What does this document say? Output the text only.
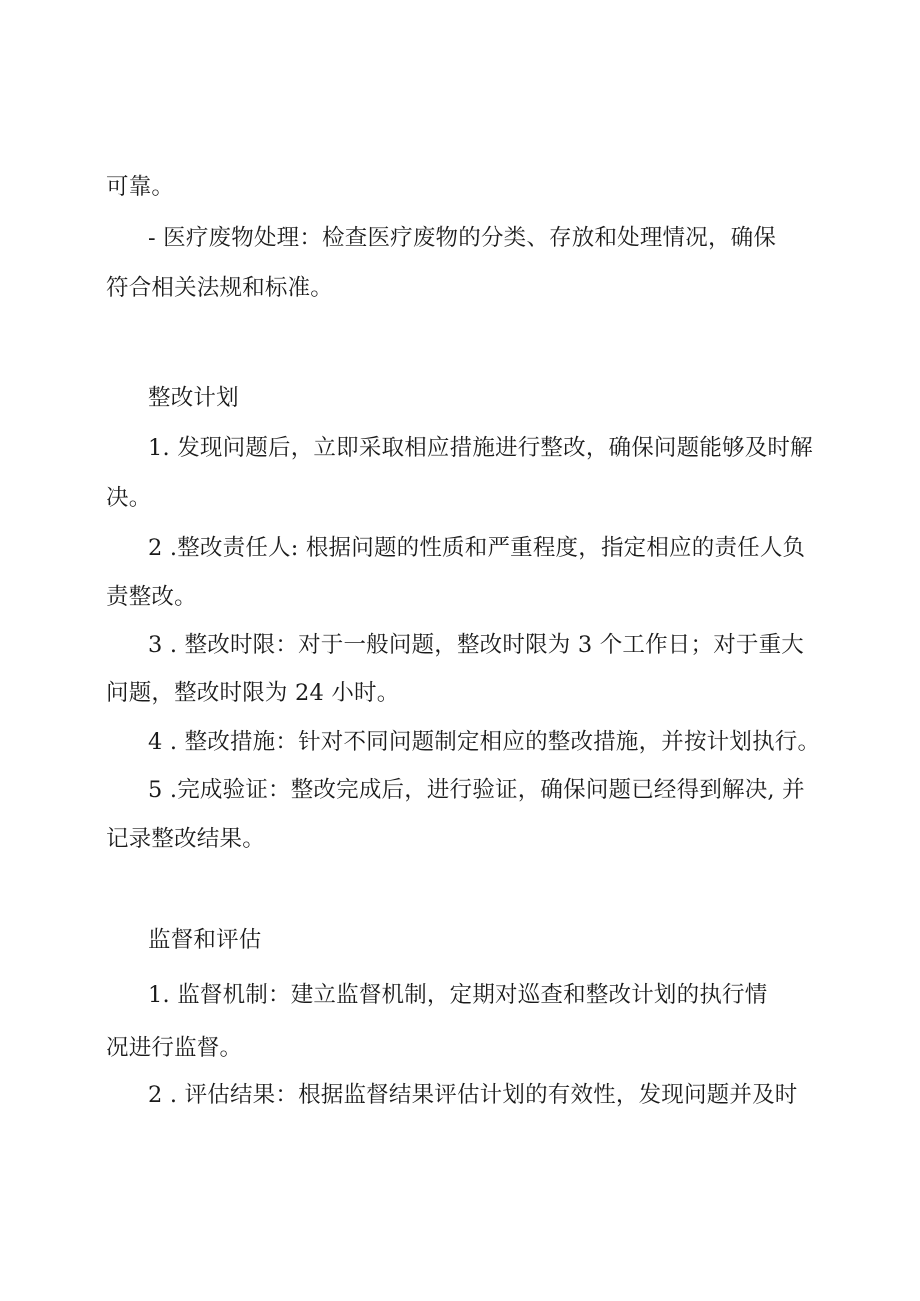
可靠。
- 医疗废物处理：检查医疗废物的分类、存放和处理情况，确保
符合相关法规和标准。
整改计划
1. 发现问题后，立即采取相应措施进行整改，确保问题能够及时解
决。
2 .整改责任人: 根据问题的性质和严重程度，指定相应的责任人负
责整改。
3 . 整改时限：对于一般问题，整改时限为 3 个工作日；对于重大
问题，整改时限为 24 小时。
4 . 整改措施：针对不同问题制定相应的整改措施，并按计划执行。
5 .完成验证：整改完成后，进行验证，确保问题已经得到解决, 并
记录整改结果。
监督和评估
1. 监督机制：建立监督机制，定期对巡查和整改计划的执行情
况进行监督。
2 . 评估结果：根据监督结果评估计划的有效性，发现问题并及时
